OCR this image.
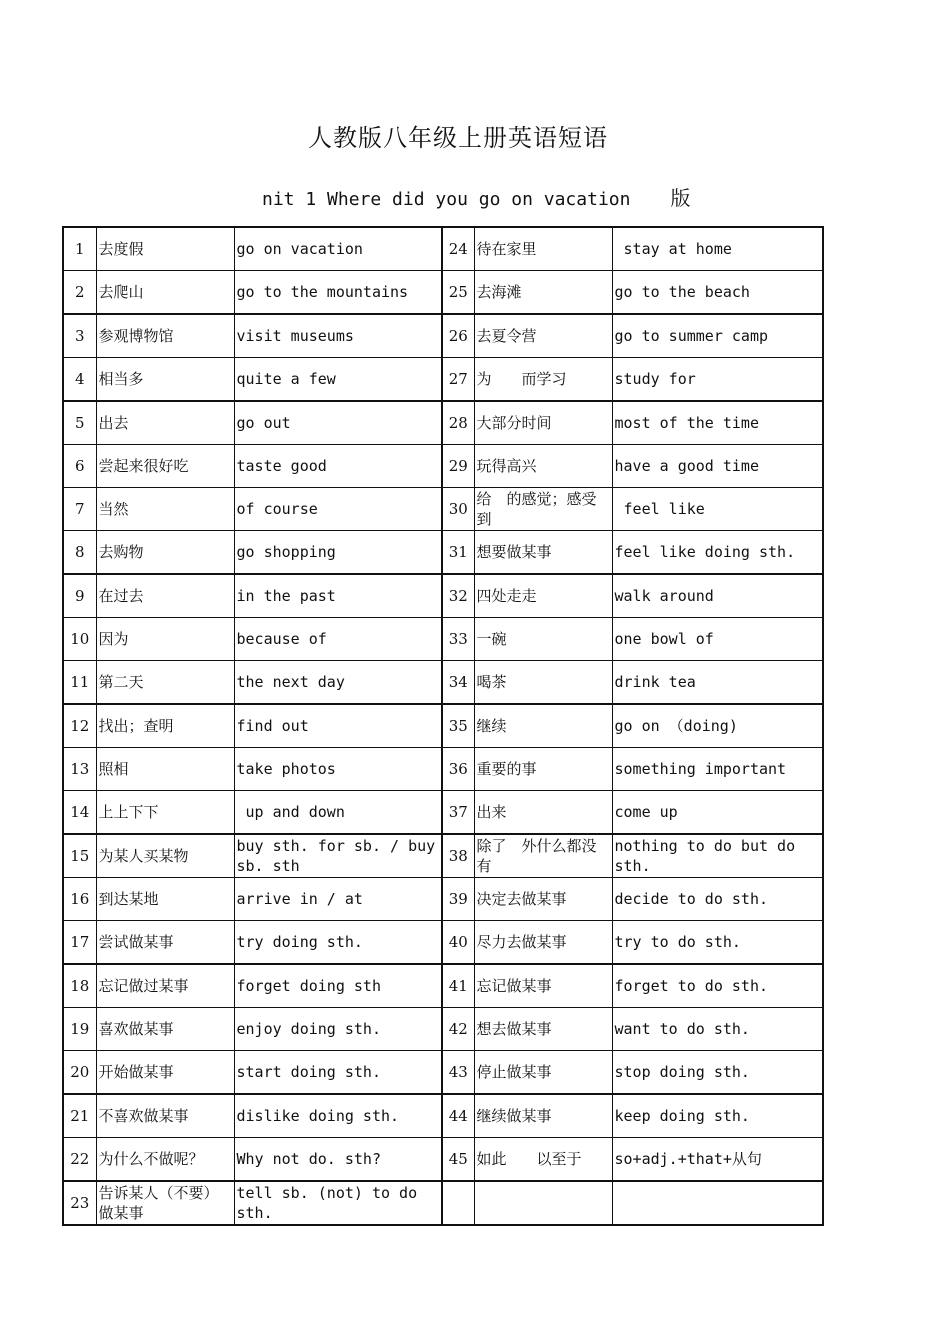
人教版八年级上册英语短语
nit 1 Where did you go on vacation 版
1	去度假	go on vacation	24	待在家里	stay at home
2	去爬山	go to the mountains	25	去海滩	go to the beach
3	参观博物馆	visit museums	26	去夏令营	go to summer camp
4	相当多	quite a few	27	为　　而学习	study for
5	出去	go out	28	大部分时间	most of the time
6	尝起来很好吃	taste good	29	玩得高兴	have a good time
7	当然	of course	30	给　的感觉；感受到	feel like
8	去购物	go shopping	31	想要做某事	feel like doing sth.
9	在过去	in the past	32	四处走走	walk around
10	因为	because of	33	一碗	one bowl of
11	第二天	the next day	34	喝茶	drink tea
12	找出；查明	find out	35	继续	go on （doing)
13	照相	take photos	36	重要的事	something important
14	上上下下	up and down	37	出来	come up
15	为某人买某物	buy sth. for sb. / buy sb. sth	38	除了　外什么都没有	nothing to do but do sth.
16	到达某地	arrive in / at	39	决定去做某事	decide to do sth.
17	尝试做某事	try doing sth.	40	尽力去做某事	try to do sth.
18	忘记做过某事	forget doing sth	41	忘记做某事	forget to do sth.
19	喜欢做某事	enjoy doing sth.	42	想去做某事	want to do sth.
20	开始做某事	start doing sth.	43	停止做某事	stop doing sth.
21	不喜欢做某事	dislike doing sth.	44	继续做某事	keep doing sth.
22	为什么不做呢？	Why not do. sth?	45	如此　　以至于	so+adj.+that+从句
23	告诉某人（不要）做某事	tell sb. (not) to do sth.			
